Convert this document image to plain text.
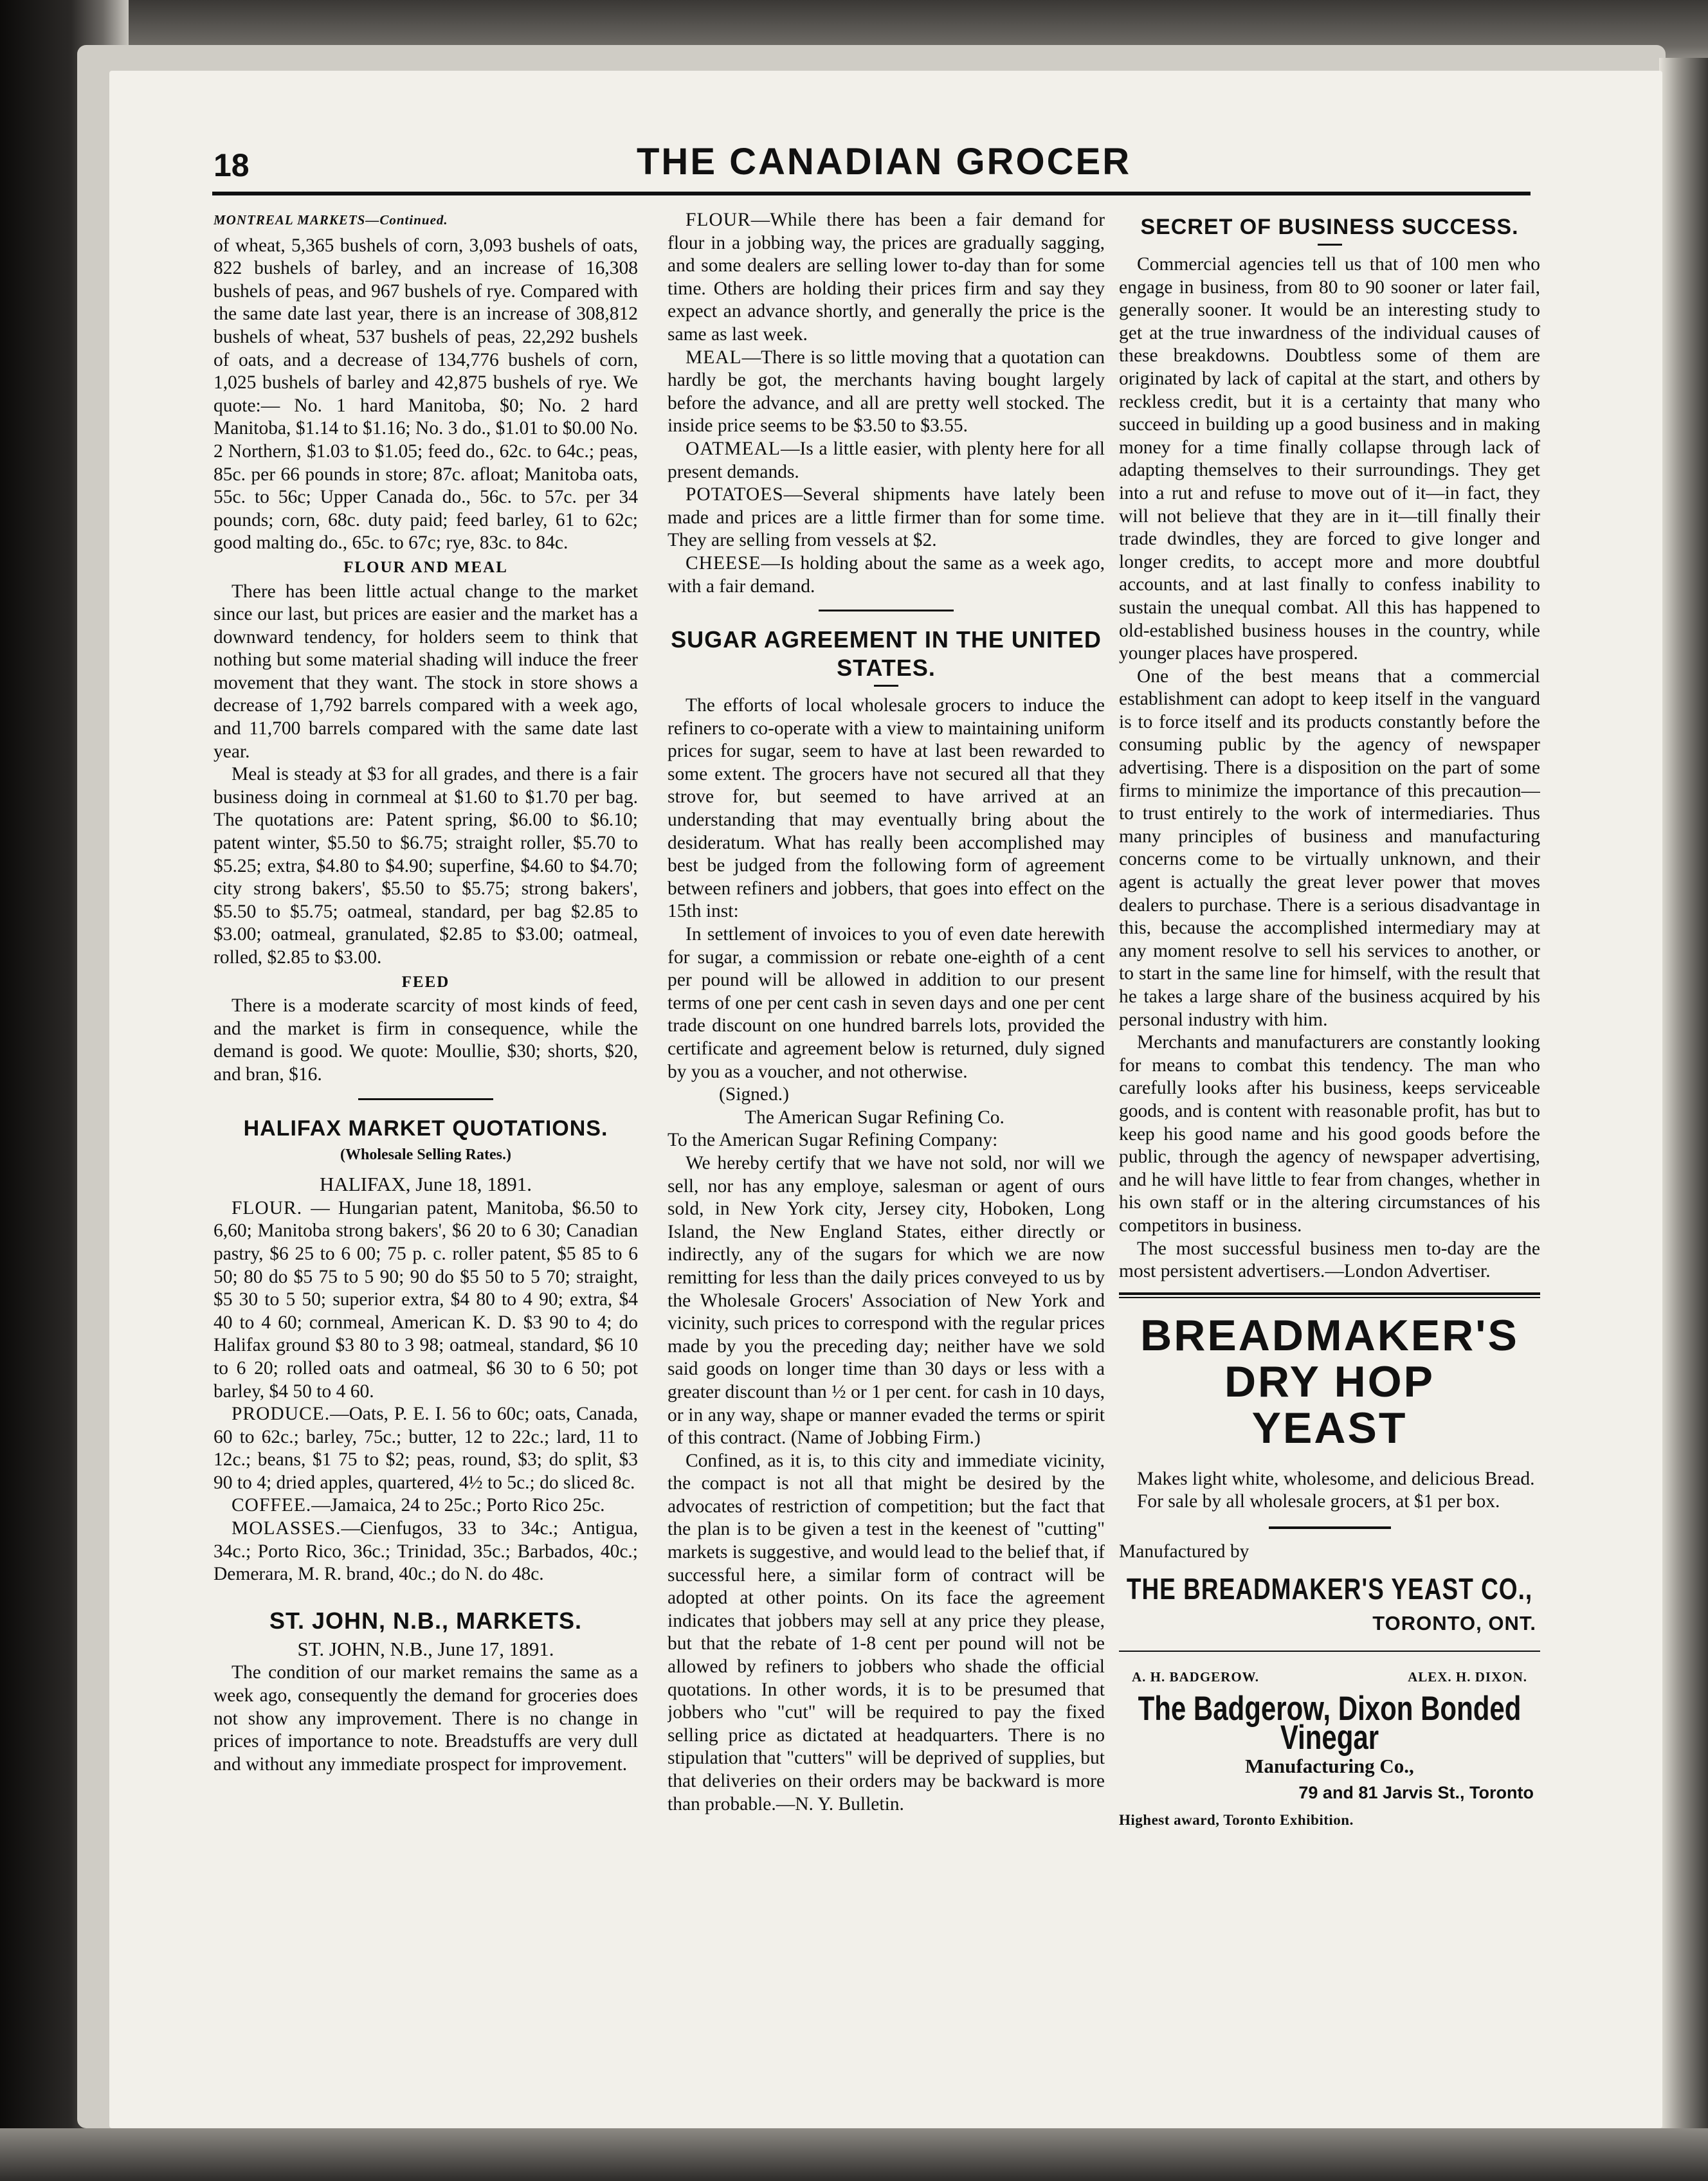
18	THE CANADIAN GROCER
MONTREAL MARKETS—Continued.

of wheat, 5,365 bushels of corn, 3,093 bushels of oats, 822 bushels of barley, and an increase of 16,308 bushels of peas, and 967 bushels of rye. Compared with the same date last year, there is an increase of 308,812 bushels of wheat, 537 bushels of peas, 22,292 bushels of oats, and a decrease of 134,776 bushels of corn, 1,025 bushels of barley and 42,875 bushels of rye. We quote:— No. 1 hard Manitoba, $0; No. 2 hard Manitoba, $1.14 to $1.16; No. 3 do., $1.01 to $0.00 No. 2 Northern, $1.03 to $1.05; feed do., 62c. to 64c.; peas, 85c. per 66 pounds in store; 87c. afloat; Manitoba oats, 55c. to 56c; Upper Canada do., 56c. to 57c. per 34 pounds; corn, 68c. duty paid; feed barley, 61 to 62c; good malting do., 65c. to 67c; rye, 83c. to 84c.

FLOUR AND MEAL

There has been little actual change to the market since our last, but prices are easier and the market has a downward tendency, for holders seem to think that nothing but some material shading will induce the freer movement that they want. The stock in store shows a decrease of 1,792 barrels compared with a week ago, and 11,700 barrels compared with the same date last year.

Meal is steady at $3 for all grades, and there is a fair business doing in cornmeal at $1.60 to $1.70 per bag. The quotations are: Patent spring, $6.00 to $6.10; patent winter, $5.50 to $6.75; straight roller, $5.70 to $5.25; extra, $4.80 to $4.90; superfine, $4.60 to $4.70; city strong bakers', $5.50 to $5.75; strong bakers', $5.50 to $5.75; oatmeal, standard, per bag $2.85 to $3.00; oatmeal, granulated, $2.85 to $3.00; oatmeal, rolled, $2.85 to $3.00.

FEED

There is a moderate scarcity of most kinds of feed, and the market is firm in consequence, while the demand is good. We quote: Moullie, $30; shorts, $20, and bran, $16.

HALIFAX MARKET QUOTATIONS.
(Wholesale Selling Rates.)

HALIFAX, June 18, 1891.

FLOUR. — Hungarian patent, Manitoba, $6.50 to 6,60; Manitoba strong bakers', $6 20 to 6 30; Canadian pastry, $6 25 to 6 00; 75 p. c. roller patent, $5 85 to 6 50; 80 do $5 75 to 5 90; 90 do $5 50 to 5 70; straight, $5 30 to 5 50; superior extra, $4 80 to 4 90; extra, $4 40 to 4 60; cornmeal, American K. D. $3 90 to 4; do Halifax ground $3 80 to 3 98; oatmeal, standard, $6 10 to 6 20; rolled oats and oatmeal, $6 30 to 6 50; pot barley, $4 50 to 4 60.

PRODUCE.—Oats, P. E. I. 56 to 60c; oats, Canada, 60 to 62c.; barley, 75c.; butter, 12 to 22c.; lard, 11 to 12c.; beans, $1 75 to $2; peas, round, $3; do split, $3 90 to 4; dried apples, quartered, 4½ to 5c.; do sliced 8c.

COFFEE.—Jamaica, 24 to 25c.; Porto Rico 25c.

MOLASSES.—Cienfugos, 33 to 34c.; Antigua, 34c.; Porto Rico, 36c.; Trinidad, 35c.; Barbados, 40c.; Demerara, M. R. brand, 40c.; do N. do 48c.

ST. JOHN, N.B., MARKETS.

ST. JOHN, N.B., June 17, 1891.

The condition of our market remains the same as a week ago, consequently the demand for groceries does not show any improvement. There is no change in prices of importance to note. Breadstuffs are very dull and without any immediate prospect for improvement.

FLOUR—While there has been a fair demand for flour in a jobbing way, the prices are gradually sagging, and some dealers are selling lower to-day than for some time. Others are holding their prices firm and say they expect an advance shortly, and generally the price is the same as last week.

MEAL—There is so little moving that a quotation can hardly be got, the merchants having bought largely before the advance, and all are pretty well stocked. The inside price seems to be $3.50 to $3.55.

OATMEAL—Is a little easier, with plenty here for all present demands.

POTATOES—Several shipments have lately been made and prices are a little firmer than for some time. They are selling from vessels at $2.

CHEESE—Is holding about the same as a week ago, with a fair demand.

SUGAR AGREEMENT IN THE UNITED STATES.

The efforts of local wholesale grocers to induce the refiners to co-operate with a view to maintaining uniform prices for sugar, seem to have at last been rewarded to some extent. The grocers have not secured all that they strove for, but seemed to have arrived at an understanding that may eventually bring about the desideratum. What has really been accomplished may best be judged from the following form of agreement between refiners and jobbers, that goes into effect on the 15th inst:

In settlement of invoices to you of even date herewith for sugar, a commission or rebate one-eighth of a cent per pound will be allowed in addition to our present terms of one per cent cash in seven days and one per cent trade discount on one hundred barrels lots, provided the certificate and agreement below is returned, duly signed by you as a voucher, and not otherwise.

(Signed.)

The American Sugar Refining Co.

To the American Sugar Refining Company:

We hereby certify that we have not sold, nor will we sell, nor has any employe, salesman or agent of ours sold, in New York city, Jersey city, Hoboken, Long Island, the New England States, either directly or indirectly, any of the sugars for which we are now remitting for less than the daily prices conveyed to us by the Wholesale Grocers' Association of New York and vicinity, such prices to correspond with the regular prices made by you the preceding day; neither have we sold said goods on longer time than 30 days or less with a greater discount than ½ or 1 per cent. for cash in 10 days, or in any way, shape or manner evaded the terms or spirit of this contract. (Name of Jobbing Firm.)

Confined, as it is, to this city and immediate vicinity, the compact is not all that might be desired by the advocates of restriction of competition; but the fact that the plan is to be given a test in the keenest of "cutting" markets is suggestive, and would lead to the belief that, if successful here, a similar form of contract will be adopted at other points. On its face the agreement indicates that jobbers may sell at any price they please, but that the rebate of 1-8 cent per pound will not be allowed by refiners to jobbers who shade the official quotations. In other words, it is to be presumed that jobbers who "cut" will be required to pay the fixed selling price as dictated at headquarters. There is no stipulation that "cutters" will be deprived of supplies, but that deliveries on their orders may be backward is more than probable.—N. Y. Bulletin.

SECRET OF BUSINESS SUCCESS.

Commercial agencies tell us that of 100 men who engage in business, from 80 to 90 sooner or later fail, generally sooner. It would be an interesting study to get at the true inwardness of the individual causes of these breakdowns. Doubtless some of them are originated by lack of capital at the start, and others by reckless credit, but it is a certainty that many who succeed in building up a good business and in making money for a time finally collapse through lack of adapting themselves to their surroundings. They get into a rut and refuse to move out of it—in fact, they will not believe that they are in it—till finally their trade dwindles, they are forced to give longer and longer credits, to accept more and more doubtful accounts, and at last finally to confess inability to sustain the unequal combat. All this has happened to old-established business houses in the country, while younger places have prospered.

One of the best means that a commercial establishment can adopt to keep itself in the vanguard is to force itself and its products constantly before the consuming public by the agency of newspaper advertising. There is a disposition on the part of some firms to minimize the importance of this precaution—to trust entirely to the work of intermediaries. Thus many principles of business and manufacturing concerns come to be virtually unknown, and their agent is actually the great lever power that moves dealers to purchase. There is a serious disadvantage in this, because the accomplished intermediary may at any moment resolve to sell his services to another, or to start in the same line for himself, with the result that he takes a large share of the business acquired by his personal industry with him.

Merchants and manufacturers are constantly looking for means to combat this tendency. The man who carefully looks after his business, keeps serviceable goods, and is content with reasonable profit, has but to keep his good name and his good goods before the public, through the agency of newspaper advertising, and he will have little to fear from changes, whether in his own staff or in the altering circumstances of his competitors in business.

The most successful business men to-day are the most persistent advertisers.—London Advertiser.

BREADMAKER'S
DRY HOP
YEAST

Makes light white, wholesome, and delicious Bread.

For sale by all wholesale grocers, at $1 per box.

Manufactured by

THE BREADMAKER'S YEAST CO.,
TORONTO, ONT.
A. H. BADGEROW.	ALEX. H. DIXON.
The Badgerow, Dixon Bonded Vinegar
Manufacturing Co.,
79 and 81 Jarvis St., Toronto

Highest award, Toronto Exhibition.
